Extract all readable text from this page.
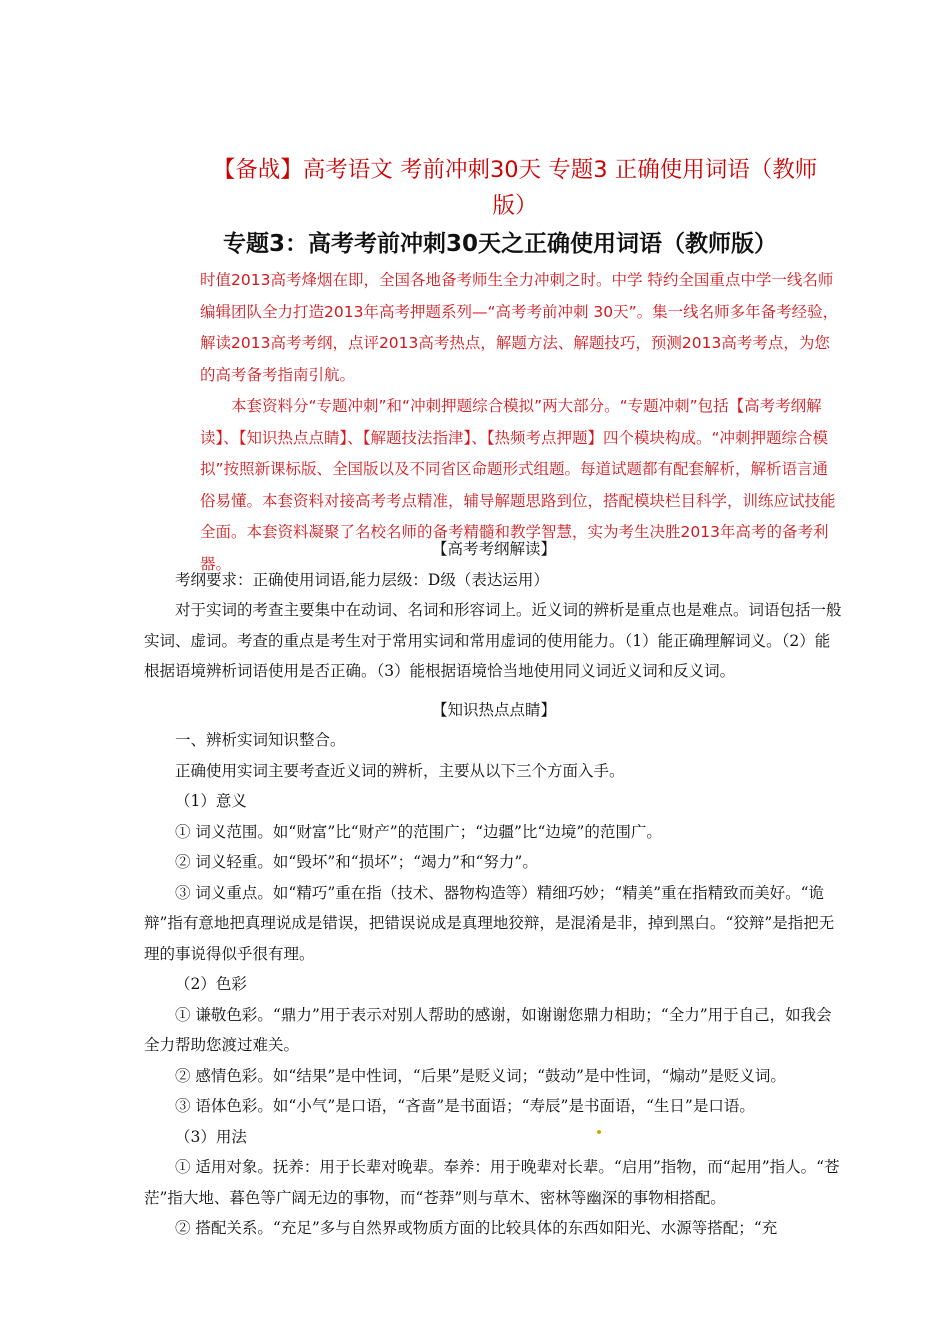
【备战】高考语文 考前冲刺30天 专题3 正确使用词语（教师版）
专题3：高考考前冲刺30天之正确使用词语（教师版）

时值2013高考烽烟在即，全国各地备考师生全力冲刺之时。中学 特约全国重点中学一线名师编辑团队全力打造2013年高考押题系列—“高考考前冲刺 30天”。集一线名师多年备考经验，解读2013高考考纲，点评2013高考热点，解题方法、解题技巧，预测2013高考考点，为您的高考备考指南引航。

本套资料分“专题冲刺”和“冲刺押题综合模拟”两大部分。“专题冲刺”包括【高考考纲解读】、【知识热点点睛】、【解题技法指津】、【热频考点押题】四个模块构成。“冲刺押题综合模拟”按照新课标版、全国版以及不同省区命题形式组题。每道试题都有配套解析，解析语言通俗易懂。本套资料对接高考考点精准，辅导解题思路到位，搭配模块栏目科学，训练应试技能全面。本套资料凝聚了名校名师的备考精髓和教学智慧，实为考生决胜2013年高考的备考利器。

【高考考纲解读】

考纲要求：正确使用词语,能力层级：D级（表达运用）

对于实词的考查主要集中在动词、名词和形容词上。近义词的辨析是重点也是难点。词语包括一般实词、虚词。考查的重点是考生对于常用实词和常用虚词的使用能力。（1）能正确理解词义。（2）能根据语境辨析词语使用是否正确。（3）能根据语境恰当地使用同义词近义词和反义词。

【知识热点点睛】

一、辨析实词知识整合。

正确使用实词主要考查近义词的辨析，主要从以下三个方面入手。

（1）意义

① 词义范围。如“财富”比“财产”的范围广；“边疆”比“边境”的范围广。

② 词义轻重。如“毁坏”和“损坏”；“竭力”和“努力”。

③ 词义重点。如“精巧”重在指（技术、器物构造等）精细巧妙；“精美”重在指精致而美好。“诡辩”指有意地把真理说成是错误，把错误说成是真理地狡辩，是混淆是非，掉到黑白。“狡辩”是指把无理的事说得似乎很有理。

（2）色彩

① 谦敬色彩。“鼎力”用于表示对别人帮助的感谢，如谢谢您鼎力相助；“全力”用于自己，如我会全力帮助您渡过难关。

② 感情色彩。如“结果”是中性词，“后果”是贬义词；“鼓动”是中性词，“煽动”是贬义词。

③ 语体色彩。如“小气”是口语，“吝啬”是书面语；“寿辰”是书面语，“生日”是口语。

（3）用法

① 适用对象。抚养：用于长辈对晚辈。奉养：用于晚辈对长辈。“启用”指物，而“起用”指人。“苍茫”指大地、暮色等广阔无边的事物，而“苍莽”则与草木、密林等幽深的事物相搭配。

② 搭配关系。“充足”多与自然界或物质方面的比较具体的东西如阳光、水源等搭配；“充
